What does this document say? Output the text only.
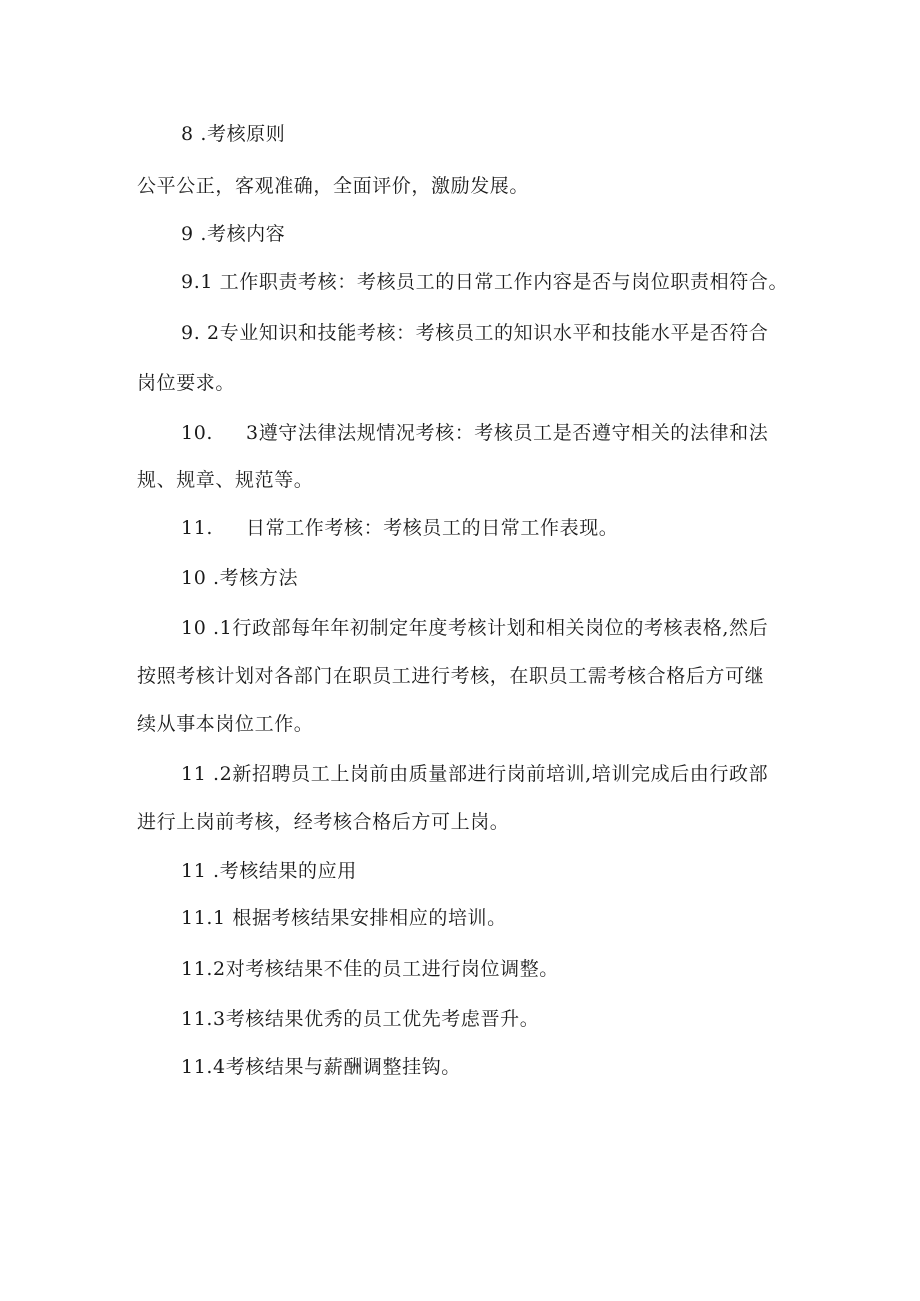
8 .考核原则
公平公正，客观准确，全面评价，激励发展。
9 .考核内容
9.1 工作职责考核：考核员工的日常工作内容是否与岗位职责相符合。
9. 2专业知识和技能考核：考核员工的知识水平和技能水平是否符合
岗位要求。
10. 3遵守法律法规情况考核：考核员工是否遵守相关的法律和法
规、规章、规范等。
11. 日常工作考核：考核员工的日常工作表现。
10 .考核方法
10 .1行政部每年年初制定年度考核计划和相关岗位的考核表格,然后
按照考核计划对各部门在职员工进行考核，在职员工需考核合格后方可继
续从事本岗位工作。
11 .2新招聘员工上岗前由质量部进行岗前培训,培训完成后由行政部
进行上岗前考核，经考核合格后方可上岗。
11 .考核结果的应用
11.1 根据考核结果安排相应的培训。
11.2对考核结果不佳的员工进行岗位调整。
11.3考核结果优秀的员工优先考虑晋升。
11.4考核结果与薪酬调整挂钩。
